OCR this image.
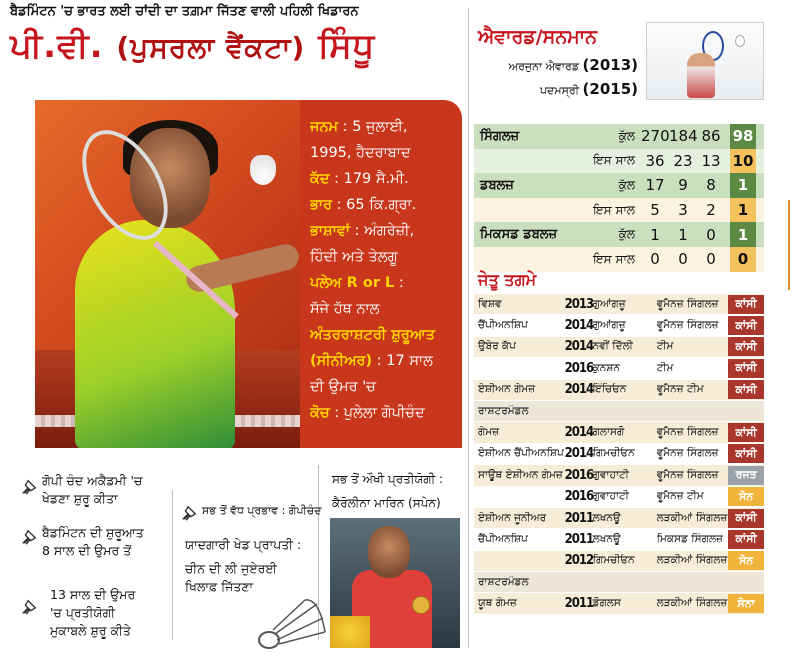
ਬੈਡਮਿੰਟਨ 'ਚ ਭਾਰਤ ਲਈ ਚਾਂਦੀ ਦਾ ਤਗ਼ਮਾ ਜਿੱਤਣ ਵਾਲੀ ਪਹਿਲੀ ਖਿਡਾਰਨ
ਪੀ.ਵੀ. (ਪੁਸਰਲਾ ਵੈਂਕਟਾ) ਸਿੰਧੂ
ਜਨਮ : 5 ਜੁਲਾਈ,
1995, ਹੈਦਰਾਬਾਦ
ਕੱਦ : 179 ਸੈ.ਮੀ.
ਭਾਰ : 65 ਕਿ.ਗ੍ਰਾ.
ਭਾਸ਼ਾਵਾਂ : ਅੰਗਰੇਜ਼ੀ,
ਹਿੰਦੀ ਅਤੇ ਤੇਲਗੂ
ਪਲੇਅ R or L :
ਸੱਜੇ ਹੱਥ ਨਾਲ
ਅੰਤਰਰਾਸ਼ਟਰੀ ਸ਼ੁਰੂਆਤ
(ਸੀਨੀਅਰ) : 17 ਸਾਲ
ਦੀ ਉਮਰ 'ਚ
ਕੋਚ : ਪੁਲੇਲਾ ਗੋਪੀਚੰਦ
ਐਵਾਰਡ/ਸਨਮਾਨ
ਅਰਜੁਨਾ ਐਵਾਰਡ (2013)
ਪਦਮਸ੍ਰੀ (2015)
ਸਿੰਗਲਜ਼	ਕੁੱਲ 270 184 86 98
ਇਸ ਸਾਲ 36 23 13 10
ਡਬਲਜ਼	ਕੁੱਲ 17 9	8	1
ਇਸ ਸਾਲ	5	3	2	1
ਮਿਕਸਡ ਡਬਲਜ਼	ਕੁੱਲ	1	1	0	1
ਇਸ ਸਾਲ	0	0	0	0
ਜੇਤੂ ਤਗਮੇ
ਵਿਸ਼ਵ	2013 ਗੁਆਂਗਜ਼ੂ	ਵੂਮੈਨਜ਼ ਸਿੰਗਲਜ਼	ਕਾਂਸੀ
ਚੈਂਪੀਅਨਸ਼ਿਪ	2014 ਗੁਆਂਗਜ਼ੂ	ਵੂਮੈਨਜ਼ ਸਿੰਗਲਜ਼	ਕਾਂਸੀ
ਉਬੇਰ ਕੱਪ	2014 ਨਵੀਂ ਦਿੱਲੀ	ਟੀਮ	ਕਾਂਸੀ
2016 ਕੁਨਸ਼ਨ	ਟੀਮ	ਕਾਂਸੀ
ਏਸ਼ੀਅਨ ਗੇਮਜ਼	2014 ਇੰਚਿਓਨ	ਵੂਮੈਨਜ਼ ਟੀਮ	ਕਾਂਸੀ
ਰਾਸ਼ਟਰਮੰਡਲ
ਗੇਮਜ਼	2014 ਗਲਾਸਗੋ	ਵੂਮੈਨਜ਼ ਸਿੰਗਲਜ਼	ਕਾਂਸੀ
ਏਸ਼ੀਅਨ ਚੈਂਪੀਅਨਸ਼ਿਪ 2014 ਗਿਮਚੀਓਨ	ਵੂਮੈਨਜ਼ ਸਿੰਗਲਜ਼	ਕਾਂਸੀ
ਸਾਊਥ ਏਸ਼ੀਅਨ ਗੇਮਜ਼ 2016 ਗੁਵਾਹਾਟੀ	ਵੂਮੈਨਜ਼ ਸਿੰਗਲਜ਼	ਰਜਤ
2016 ਗੁਵਾਹਾਟੀ	ਵੂਮੈਨਜ਼ ਟੀਮ	ਸੋਨ
ਏਸ਼ੀਅਨ ਜੂਨੀਅਰ	2011 ਲਖਨਊ	ਲੜਕੀਆਂ ਸਿੰਗਲਜ਼ ਕਾਂਸੀ
ਚੈਂਪੀਅਨਸ਼ਿਪ	2011 ਲਖਨਊ	ਮਿਕਸਡ ਸਿੰਗਲਜ਼	ਕਾਂਸੀ
2012 ਗਿਮਚੀਓਨ	ਲੜਕੀਆਂ ਸਿੰਗਲਜ਼	ਸੋਨ
ਰਾਸ਼ਟਰਮੰਡਲ
ਯੂਥ ਗੇਮਜ਼	2011 ਡੌਗਲਸ	ਲੜਕੀਆਂ ਸਿੰਗਲਜ਼ ਸੋਨਾ
ਗੋਪੀ ਚੰਦ ਅਕੈਡਮੀ 'ਚ
ਖੇਡਣਾ ਸ਼ੁਰੂ ਕੀਤਾ
ਬੈਡਮਿੰਟਨ ਦੀ ਸ਼ੁਰੂਆਤ
8 ਸਾਲ ਦੀ ਉਮਰ ਤੋਂ
13 ਸਾਲ ਦੀ ਉਮਰ
'ਚ ਪ੍ਰਤੀਯੋਗੀ
ਮੁਕਾਬਲੇ ਸ਼ੁਰੂ ਕੀਤੇ
ਸਭ ਤੋਂ ਵੱਧ ਪ੍ਰਭਾਵ : ਗੋਪੀਚੰਦ
ਯਾਦਗਾਰੀ ਖੇਡ ਪ੍ਰਾਪਤੀ :
ਚੀਨ ਦੀ ਲੀ ਜੁਏਰਈ
ਖਿਲਾਫ਼ ਜਿੱਤਣਾ
ਸਭ ਤੋਂ ਔਖੀ ਪ੍ਰਤੀਯੋਗੀ :
ਕੈਰੋਲੀਨਾ ਮਾਰਿਨ (ਸਪੇਨ)
